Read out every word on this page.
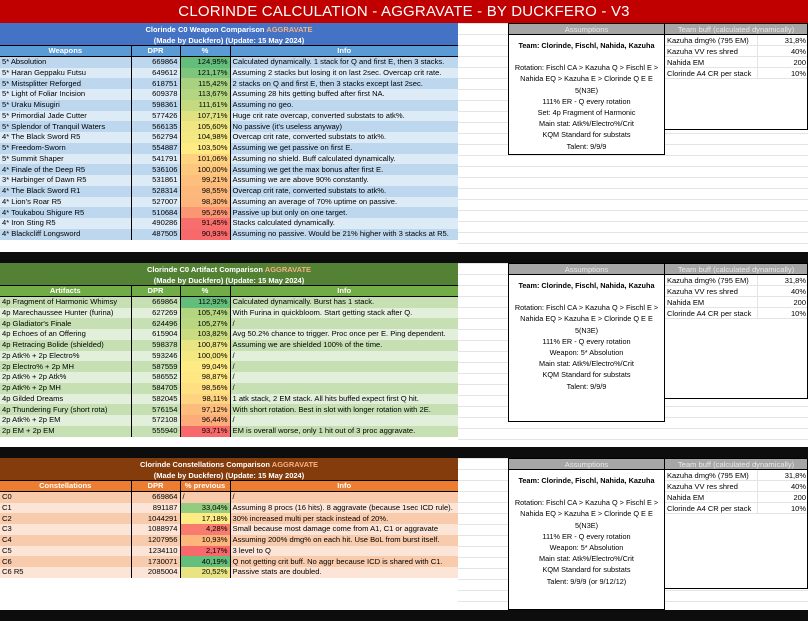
CLORINDE CALCULATION - AGGRAVATE - BY DUCKFERO - V3
Clorinde C0 Weapon Comparison AGGRAVATE
(Made by Duckfero) (Update: 15 May 2024)
Weapons	DPR	%	Info
5* Absolution	669864	124,95%	Calculated dynamically. 1 stack for Q and first E, then 3 stacks.
5* Haran Geppaku Futsu	649612	121,17%	Assuming 2 stacks but losing it on last 2sec. Overcap crit rate.
5* Mistsplitter Reforged	618751	115,42%	2 stacks on Q and first E, then 3 stacks except last 2sec.
5* Light of Foliar Incision	609378	113,67%	Assuming 28 hits getting buffed after first NA.
5* Uraku Misugiri	598361	111,61%	Assuming no geo.
5* Primordial Jade Cutter	577426	107,71%	Huge crit rate overcap, converted substats to atk%.
5* Splendor of Tranquil Waters	566135	105,60%	No passive (it's useless anyway)
4* The Black Sword R5	562794	104,98%	Overcap crit rate, converted substats to atk%.
5* Freedom-Sworn	554887	103,50%	Assuming we get passive on first E.
5* Summit Shaper	541791	101,06%	Assuming no shield. Buff calculated dynamically.
4* Finale of the Deep R5	536106	100,00%	Assuming we get the max bonus after first E.
3* Harbinger of Dawn R5	531861	99,21%	Assuming we are above 90% constantly.
4* The Black Sword R1	528314	98,55%	Overcap crit rate, converted substats to atk%.
4* Lion's Roar R5	527007	98,30%	Assuming an average of 70% uptime on passive.
4* Toukabou Shigure R5	510684	95,26%	Passive up but only on one target.
4* Iron Sting R5	490286	91,45%	Stacks calculated dynamically.
4* Blackcliff Longsword	487505	90,93%	Assuming no passive. Would be 21% higher with 3 stacks at R5.
Clorinde C0 Artifact Comparison AGGRAVATE
(Made by Duckfero) (Update: 15 May 2024)
Artifacts	DPR	%	Info
4p Fragment of Harmonic Whimsy	669864	112,92%	Calculated dynamically. Burst has 1 stack.
4p Marechaussee Hunter (furina)	627269	105,74%	With Furina in quickbloom. Start getting stack after Q.
4p Gladiator's Finale	624496	105,27%	/
4p Echoes of an Offering	615904	103,82%	Avg 50.2% chance to trigger. Proc once per E. Ping dependent.
4p Retracing Bolide (shielded)	598378	100,87%	Assuming we are shielded 100% of the time.
2p Atk% + 2p Electro%	593246	100,00%	/
2p Electro% + 2p MH	587559	99,04%	/
2p Atk% + 2p Atk%	586552	98,87%	/
2p Atk% + 2p MH	584705	98,56%	/
4p Gilded Dreams	582045	98,11%	1 atk stack, 2 EM stack. All hits buffed expect first Q hit.
4p Thundering Fury (short rota)	576154	97,12%	With short rotation. Best in slot with longer rotation with 2E.
2p Atk% + 2p EM	572108	96,44%	/
2p EM + 2p EM	555940	93,71%	EM is overall worse, only 1 hit out of 3 proc aggravate.
Clorinde Constellations Comparison AGGRAVATE
(Made by Duckfero) (Update: 15 May 2024)
Constellations	DPR	% previous	Info
C0	669864	/	/
C1	891187	33,04%	Assuming 8 procs (16 hits). 8 aggravate (because 1sec ICD rule).
C2	1044291	17,18%	30% increased multi per stack instead of 20%.
C3	1088974	4,28%	Small because most damage come from A1, C1 or aggravate
C4	1207956	10,93%	Assuming 200% dmg% on each hit. Use BoL from burst itself.
C5	1234110	2,17%	3 level to Q
C6	1730071	40,19%	Q not getting crit buff. No aggr because ICD is shared with C1.
C6 R5	2085004	20,52%	Passive stats are doubled.
Assumptions
Team: Clorinde, Fischl, Nahida, Kazuha
Rotation: Fischl CA > Kazuha Q > Fischl E >
Nahida EQ > Kazuha E > Clorinde Q E E
5(N3E)
111% ER - Q every rotation
Set: 4p Fragment of Harmonic
Main stat: Atk%/Electro%/Crit
KQM Standard for substats
Talent: 9/9/9
Assumptions
Team: Clorinde, Fischl, Nahida, Kazuha
Rotation: Fischl CA > Kazuha Q > Fischl E >
Nahida EQ > Kazuha E > Clorinde Q E E
5(N3E)
111% ER - Q every rotation
Weapon: 5* Absolution
Main stat: Atk%/Electro%/Crit
KQM Standard for substats
Talent: 9/9/9
Assumptions
Team: Clorinde, Fischl, Nahida, Kazuha
Rotation: Fischl CA > Kazuha Q > Fischl E >
Nahida EQ > Kazuha E > Clorinde Q E E
5(N3E)
111% ER - Q every rotation
Weapon: 5* Absolution
Main stat: Atk%/Electro%/Crit
KQM Standard for substats
Talent: 9/9/9 (or 9/12/12)
Team buff (calculated dynamically)
Kazuha dmg% (795 EM)	31,8%
Kazuha VV res shred	40%
Nahida EM	200
Clorinde A4 CR per stack	10%
Team buff (calculated dynamically)
Kazuha dmg% (795 EM)	31,8%
Kazuha VV res shred	40%
Nahida EM	200
Clorinde A4 CR per stack	10%
Team buff (calculated dynamically)
Kazuha dmg% (795 EM)	31,8%
Kazuha VV res shred	40%
Nahida EM	200
Clorinde A4 CR per stack	10%
